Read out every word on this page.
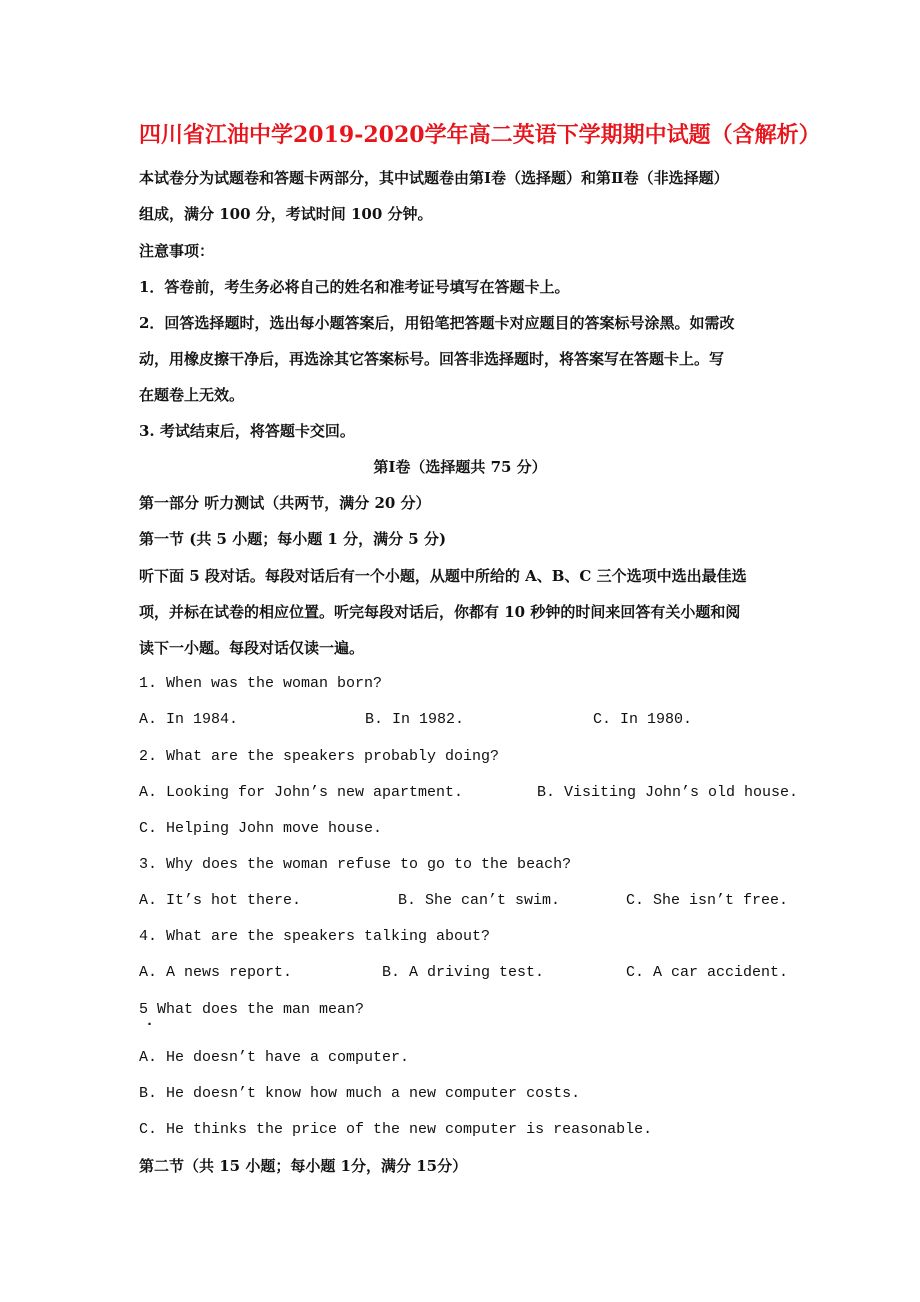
四川省江油中学2019-2020学年高二英语下学期期中试题（含解析）
本试卷分为试题卷和答题卡两部分，其中试题卷由第Ⅰ卷（选择题）和第Ⅱ卷（非选择题）
组成，满分 100 分，考试时间 100 分钟。
注意事项：
1．答卷前，考生务必将自己的姓名和准考证号填写在答题卡上。
2．回答选择题时，选出每小题答案后，用铅笔把答题卡对应题目的答案标号涂黑。如需改
动，用橡皮擦干净后，再选涂其它答案标号。回答非选择题时，将答案写在答题卡上。写
在题卷上无效。
3. 考试结束后，将答题卡交回。
第Ⅰ卷（选择题共 75 分）
第一部分 听力测试（共两节，满分 20 分）
第一节 (共 5 小题；每小题 1 分，满分 5 分)
听下面 5 段对话。每段对话后有一个小题，从题中所给的 A、B、C 三个选项中选出最佳选
项，并标在试卷的相应位置。听完每段对话后，你都有 10 秒钟的时间来回答有关小题和阅
读下一小题。每段对话仅读一遍。
1. When was the woman born?
A. In 1984.	B. In 1982.	C. In 1980.
2. What are the speakers probably doing?
A. Looking for John’s new apartment.	B. Visiting John’s old house.
C. Helping John move house.
3. Why does the woman refuse to go to the beach?
A. It’s hot there.	B. She can’t swim.	C. She isn’t free.
4. What are the speakers talking about?
A. A news report.	B. A driving test.	C. A car accident.
5 What does the man mean?
.
A. He doesn’t have a computer.
B. He doesn’t know how much a new computer costs.
C. He thinks the price of the new computer is reasonable.
第二节（共 15 小题；每小题 1分，满分 15分）
